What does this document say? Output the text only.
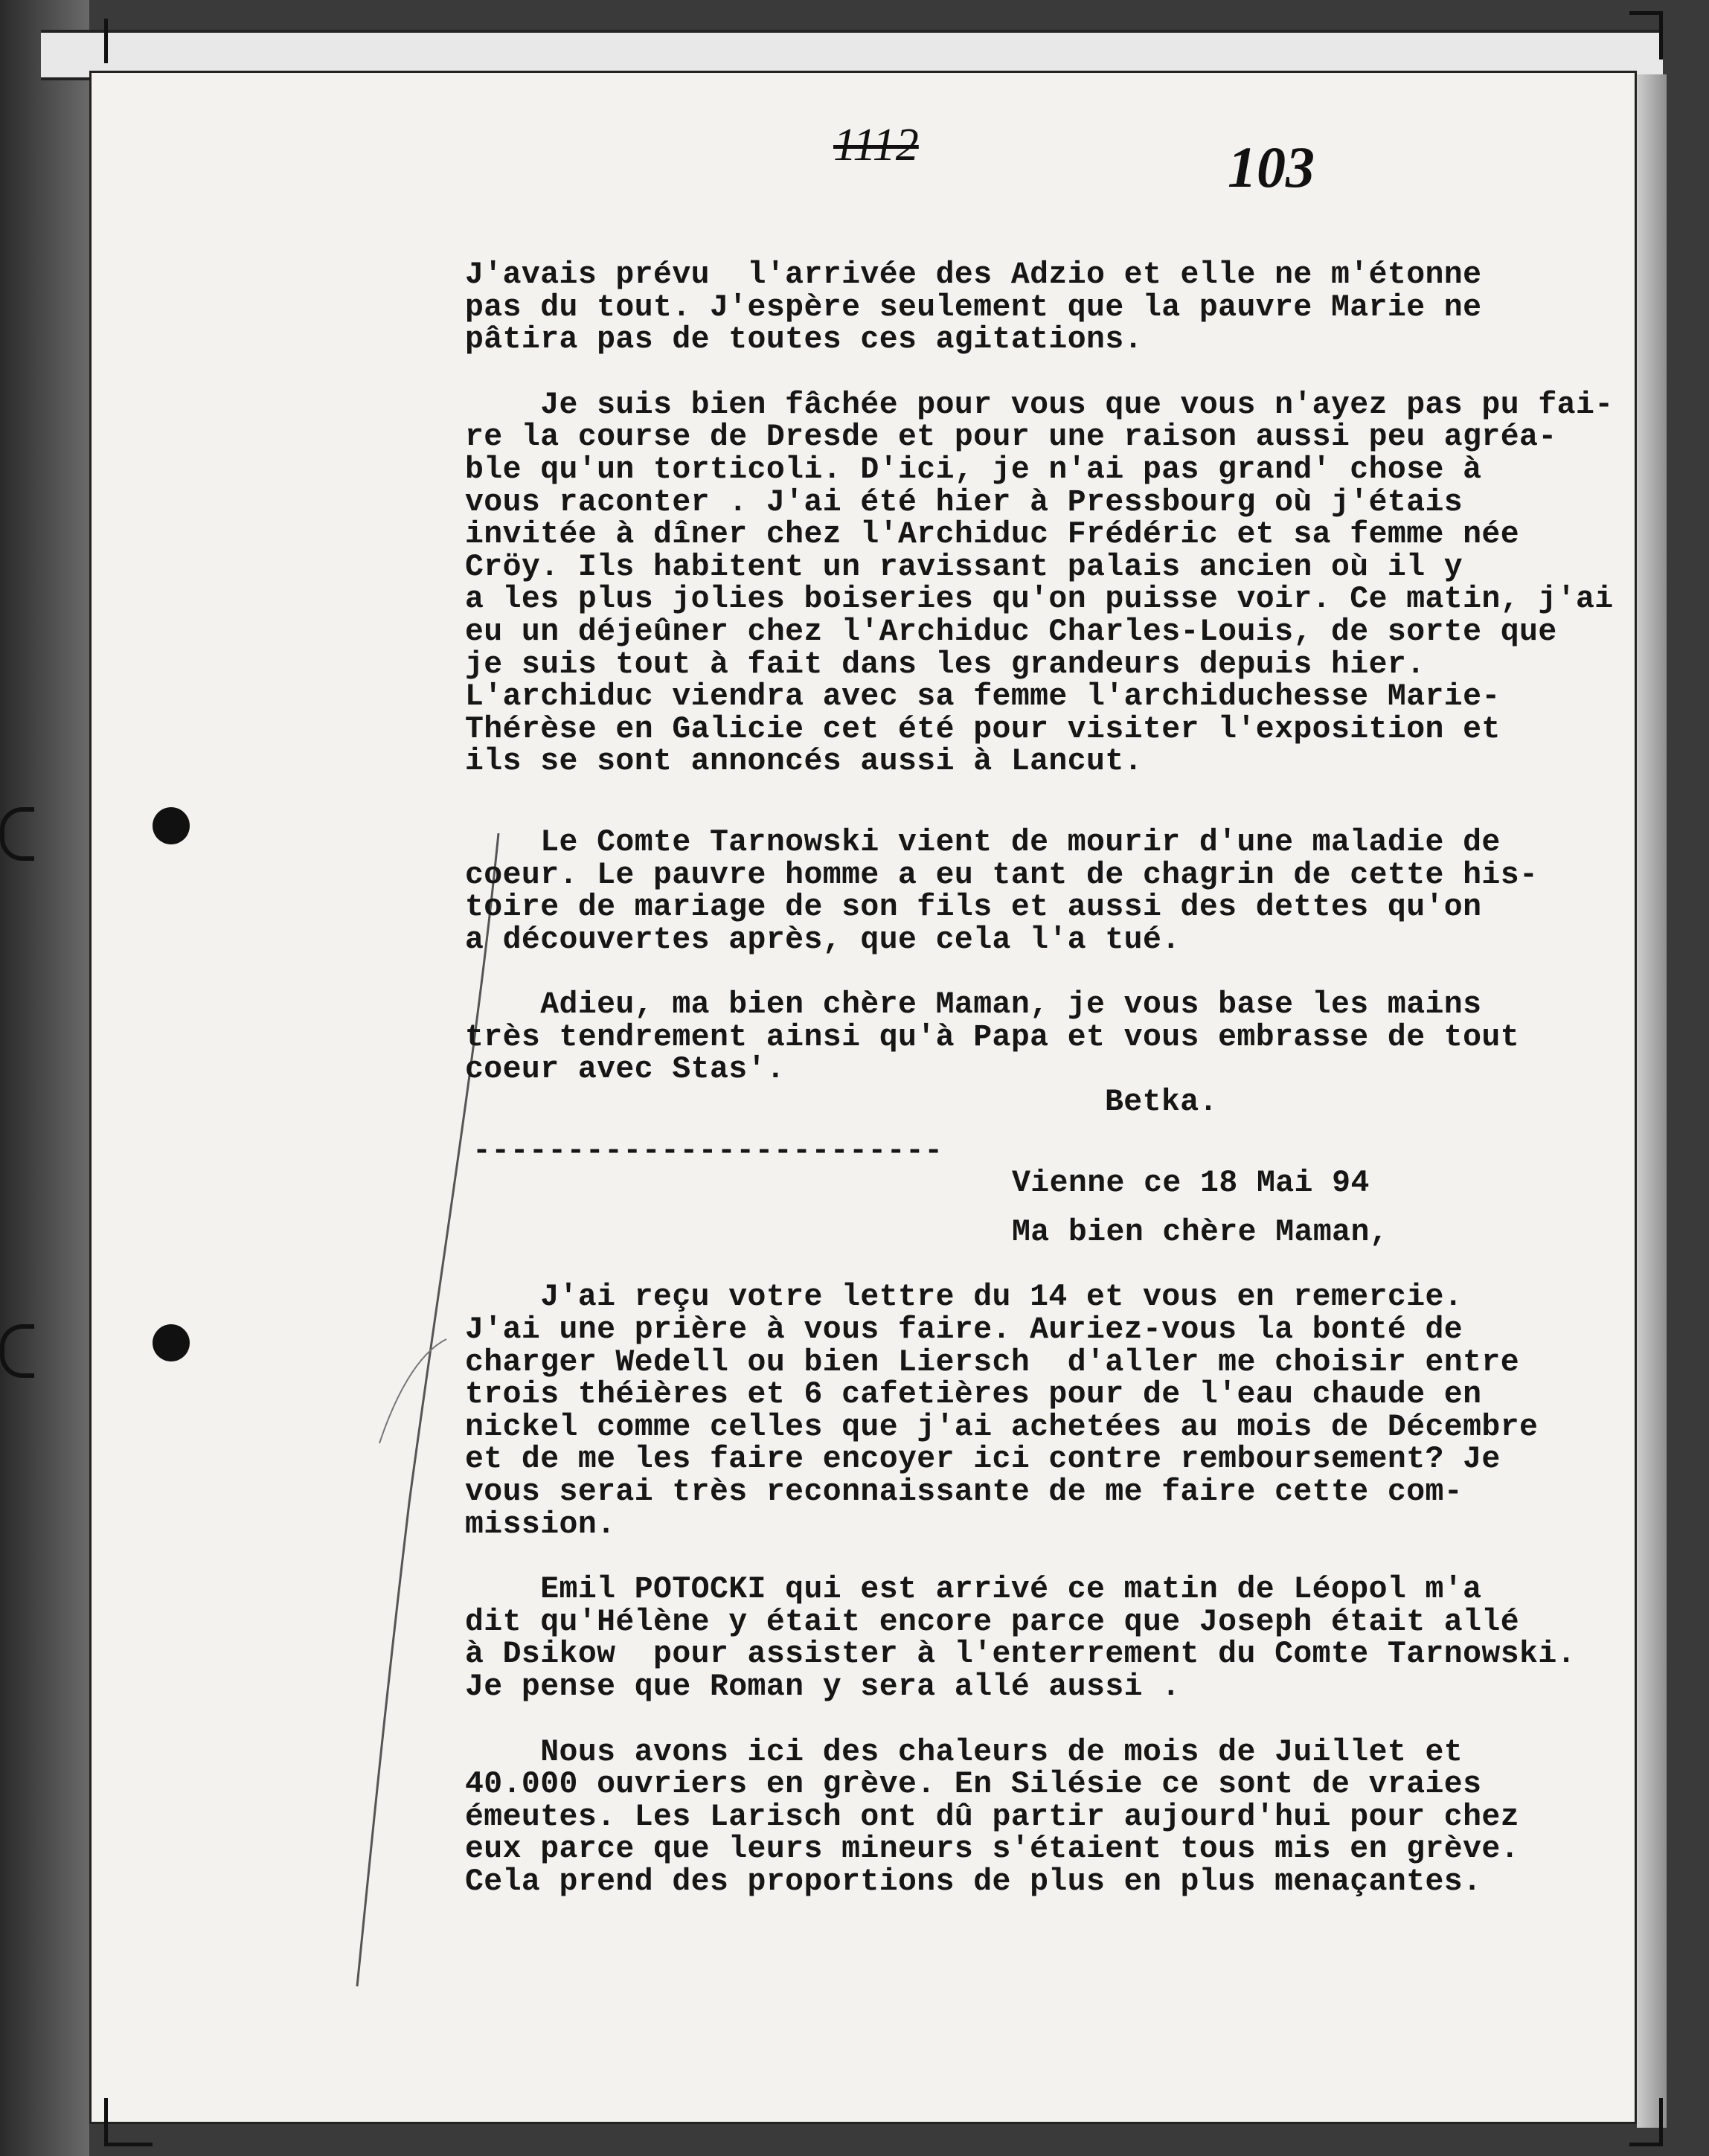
1112	103
J'avais prévu  l'arrivée des Adzio et elle ne m'étonne
pas du tout. J'espère seulement que la pauvre Marie ne
pâtira pas de toutes ces agitations.
Je suis bien fâchée pour vous que vous n'ayez pas pu fai-
re la course de Dresde et pour une raison aussi peu agréa-
ble qu'un torticoli. D'ici, je n'ai pas grand' chose à
vous raconter . J'ai été hier à Pressbourg où j'étais
invitée à dîner chez l'Archiduc Frédéric et sa femme née
Cröy. Ils habitent un ravissant palais ancien où il y
a les plus jolies boiseries qu'on puisse voir. Ce matin, j'ai
eu un déjeûner chez l'Archiduc Charles-Louis, de sorte que
je suis tout à fait dans les grandeurs depuis hier.
L'archiduc viendra avec sa femme l'archiduchesse Marie-
Thérèse en Galicie cet été pour visiter l'exposition et
ils se sont annoncés aussi à Lancut.
Le Comte Tarnowski vient de mourir d'une maladie de
coeur. Le pauvre homme a eu tant de chagrin de cette his-
toire de mariage de son fils et aussi des dettes qu'on
a découvertes après, que cela l'a tué.
Adieu, ma bien chère Maman, je vous base les mains
très tendrement ainsi qu'à Papa et vous embrasse de tout
coeur avec Stas'.
Betka.
-------------------------
Vienne ce 18 Mai 94
Ma bien chère Maman,
J'ai reçu votre lettre du 14 et vous en remercie.
J'ai une prière à vous faire. Auriez-vous la bonté de
charger Wedell ou bien Liersch  d'aller me choisir entre
trois théières et 6 cafetières pour de l'eau chaude en
nickel comme celles que j'ai achetées au mois de Décembre
et de me les faire encoyer ici contre remboursement? Je
vous serai très reconnaissante de me faire cette com-
mission.
Emil POTOCKI qui est arrivé ce matin de Léopol m'a
dit qu'Hélène y était encore parce que Joseph était allé
à Dsikow  pour assister à l'enterrement du Comte Tarnowski.
Je pense que Roman y sera allé aussi .
Nous avons ici des chaleurs de mois de Juillet et
40.000 ouvriers en grève. En Silésie ce sont de vraies
émeutes. Les Larisch ont dû partir aujourd'hui pour chez
eux parce que leurs mineurs s'étaient tous mis en grève.
Cela prend des proportions de plus en plus menaçantes.
